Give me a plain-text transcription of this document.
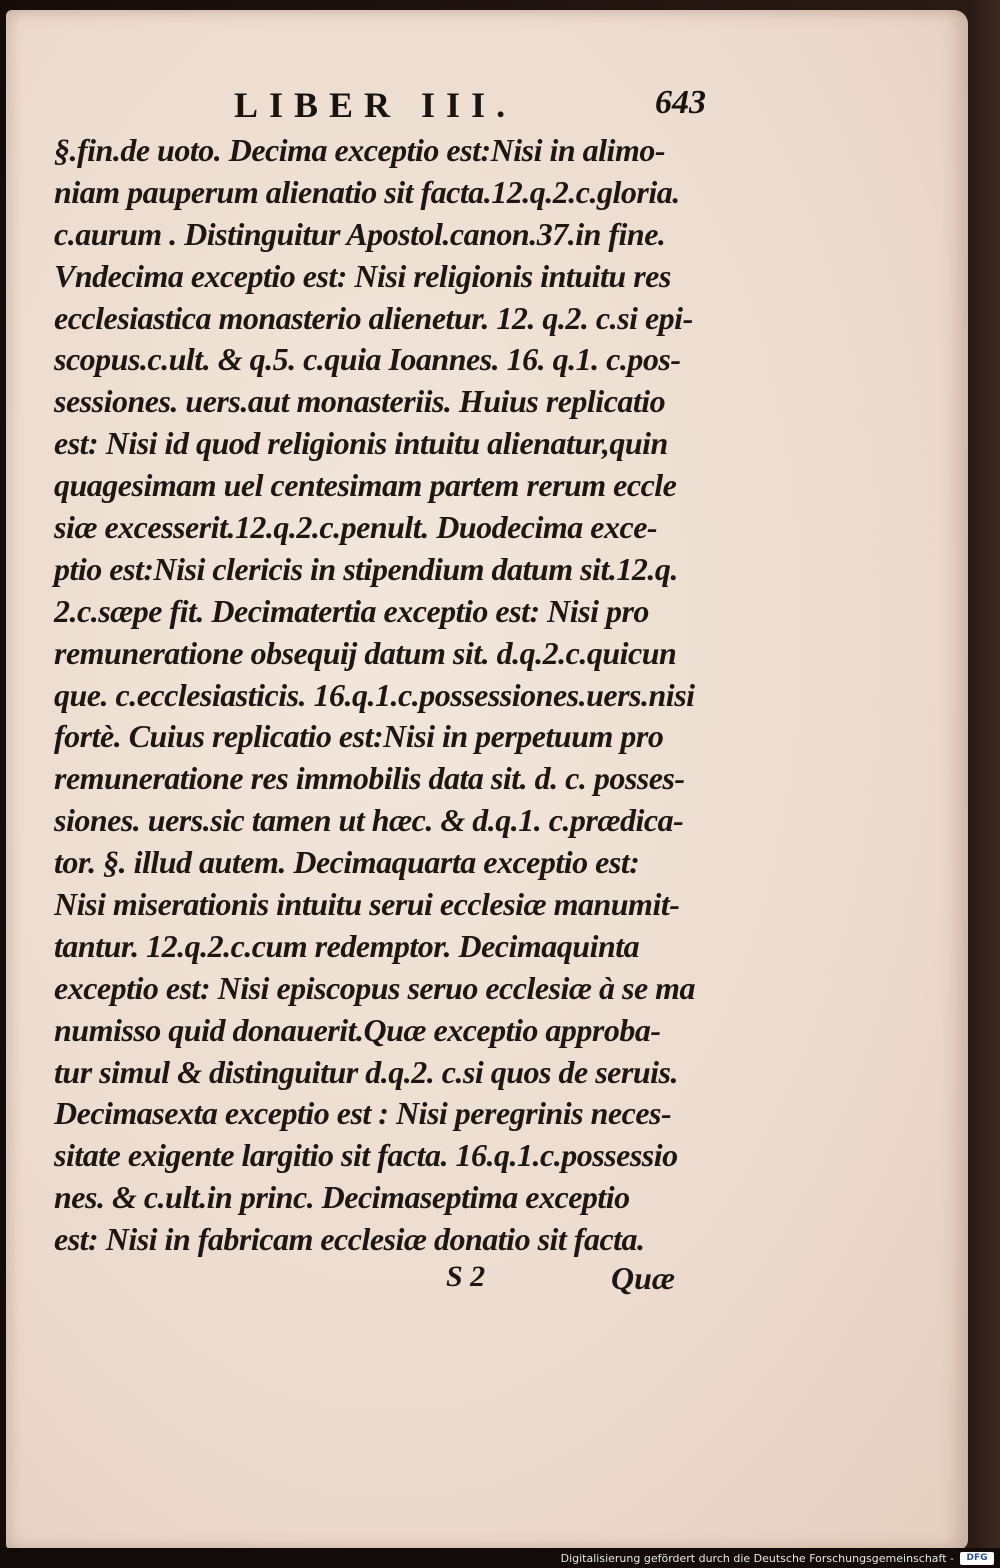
LIBER III.	643
§.fin.de uoto. Decima exceptio est:Nisi in alimo-
niam pauperum alienatio sit facta.12.q.2.c.gloria.
c.aurum . Distinguitur Apostol.canon.37.in fine.
Vndecima exceptio est: Nisi religionis intuitu res
ecclesiastica monasterio alienetur. 12. q.2. c.si epi-
scopus.c.ult. & q.5. c.quia Ioannes. 16. q.1. c.pos-
sessiones. uers.aut monasteriis. Huius replicatio
est: Nisi id quod religionis intuitu alienatur,quin
quagesimam uel centesimam partem rerum eccle
siæ excesserit.12.q.2.c.penult. Duodecima exce-
ptio est:Nisi clericis in stipendium datum sit.12.q.
2.c.sæpe fit. Decimatertia exceptio est: Nisi pro
remuneratione obsequij datum sit. d.q.2.c.quicun
que. c.ecclesiasticis. 16.q.1.c.possessiones.uers.nisi
fortè. Cuius replicatio est:Nisi in perpetuum pro
remuneratione res immobilis data sit. d. c. posses-
siones. uers.sic tamen ut hæc. & d.q.1. c.prædica-
tor. §. illud autem. Decimaquarta exceptio est:
Nisi miserationis intuitu serui ecclesiæ manumit-
tantur. 12.q.2.c.cum redemptor. Decimaquinta
exceptio est: Nisi episcopus seruo ecclesiæ à se ma
numisso quid donauerit.Quæ exceptio approba-
tur simul & distinguitur d.q.2. c.si quos de seruis.
Decimasexta exceptio est : Nisi peregrinis neces-
sitate exigente largitio sit facta. 16.q.1.c.possessio
nes. & c.ult.in princ. Decimaseptima exceptio
est: Nisi in fabricam ecclesiæ donatio sit facta.
S 2	Quæ
Digitalisierung gefördert durch die Deutsche Forschungsgemeinschaft -	DFG
